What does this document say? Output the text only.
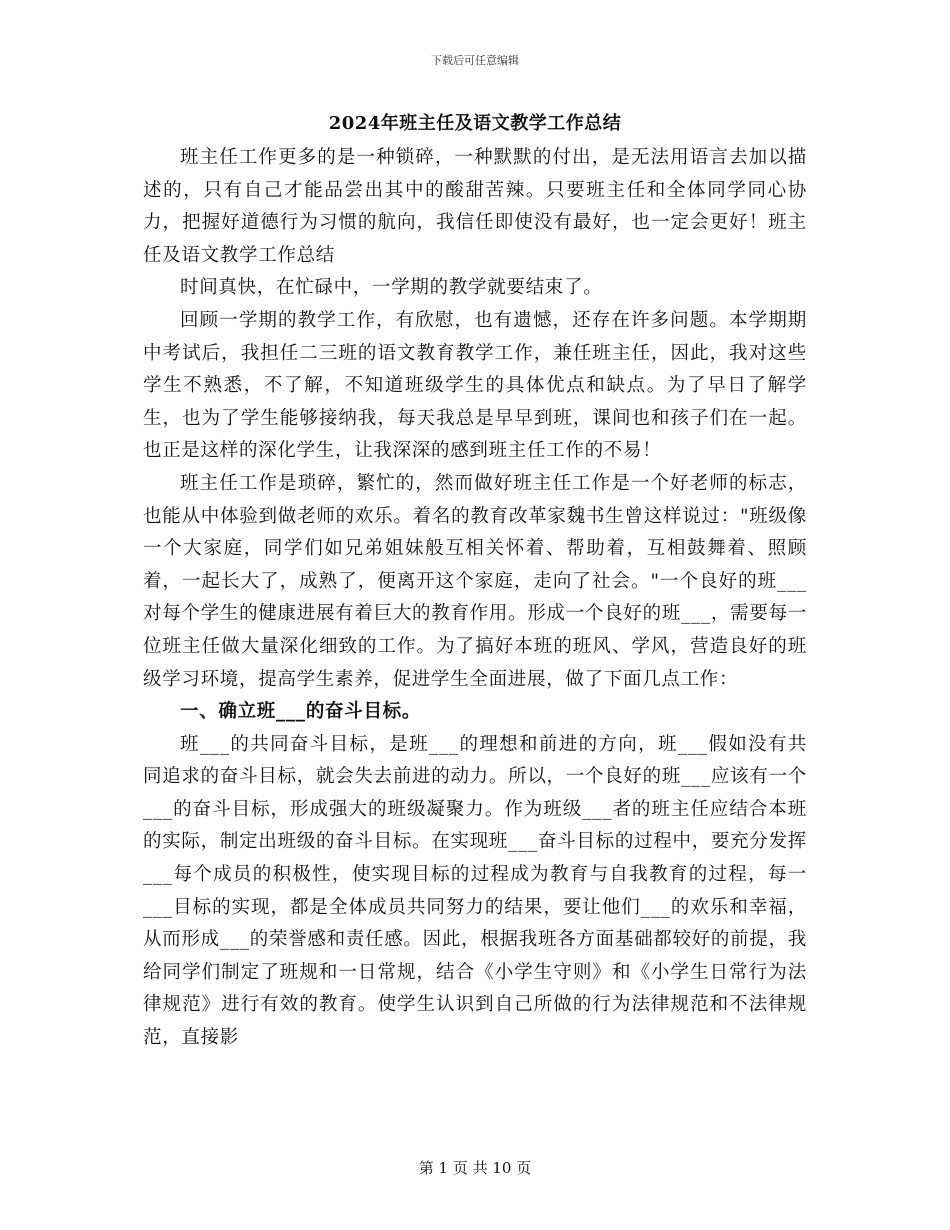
下载后可任意编辑
2024年班主任及语文教学工作总结

班主任工作更多的是一种锁碎，一种默默的付出，是无法用语言去加以描述的，只有自己才能品尝出其中的酸甜苦辣。只要班主任和全体同学同心协力，把握好道德行为习惯的航向，我信任即使没有最好，也一定会更好！班主任及语文教学工作总结

时间真快，在忙碌中，一学期的教学就要结束了。

回顾一学期的教学工作，有欣慰，也有遗憾，还存在许多问题。本学期期中考试后，我担任二三班的语文教育教学工作，兼任班主任，因此，我对这些学生不熟悉，不了解，不知道班级学生的具体优点和缺点。为了早日了解学生，也为了学生能够接纳我，每天我总是早早到班，课间也和孩子们在一起。也正是这样的深化学生，让我深深的感到班主任工作的不易！

班主任工作是琐碎，繁忙的，然而做好班主任工作是一个好老师的标志，也能从中体验到做老师的欢乐。着名的教育改革家魏书生曾这样说过："班级像一个大家庭，同学们如兄弟姐妹般互相关怀着、帮助着，互相鼓舞着、照顾着，一起长大了，成熟了，便离开这个家庭，走向了社会。"一个良好的班___对每个学生的健康进展有着巨大的教育作用。形成一个良好的班___，需要每一位班主任做大量深化细致的工作。为了搞好本班的班风、学风，营造良好的班级学习环境，提高学生素养，促进学生全面进展，做了下面几点工作：

一、确立班___的奋斗目标。

班___的共同奋斗目标，是班___的理想和前进的方向，班___假如没有共同追求的奋斗目标，就会失去前进的动力。所以，一个良好的班___应该有一个___的奋斗目标，形成强大的班级凝聚力。作为班级___者的班主任应结合本班的实际，制定出班级的奋斗目标。在实现班___奋斗目标的过程中，要充分发挥___每个成员的积极性，使实现目标的过程成为教育与自我教育的过程，每一___目标的实现，都是全体成员共同努力的结果，要让他们___的欢乐和幸福，从而形成___的荣誉感和责任感。因此，根据我班各方面基础都较好的前提，我给同学们制定了班规和一日常规，结合《小学生守则》和《小学生日常行为法律规范》进行有效的教育。使学生认识到自己所做的行为法律规范和不法律规范，直接影

第 1 页 共 10 页
